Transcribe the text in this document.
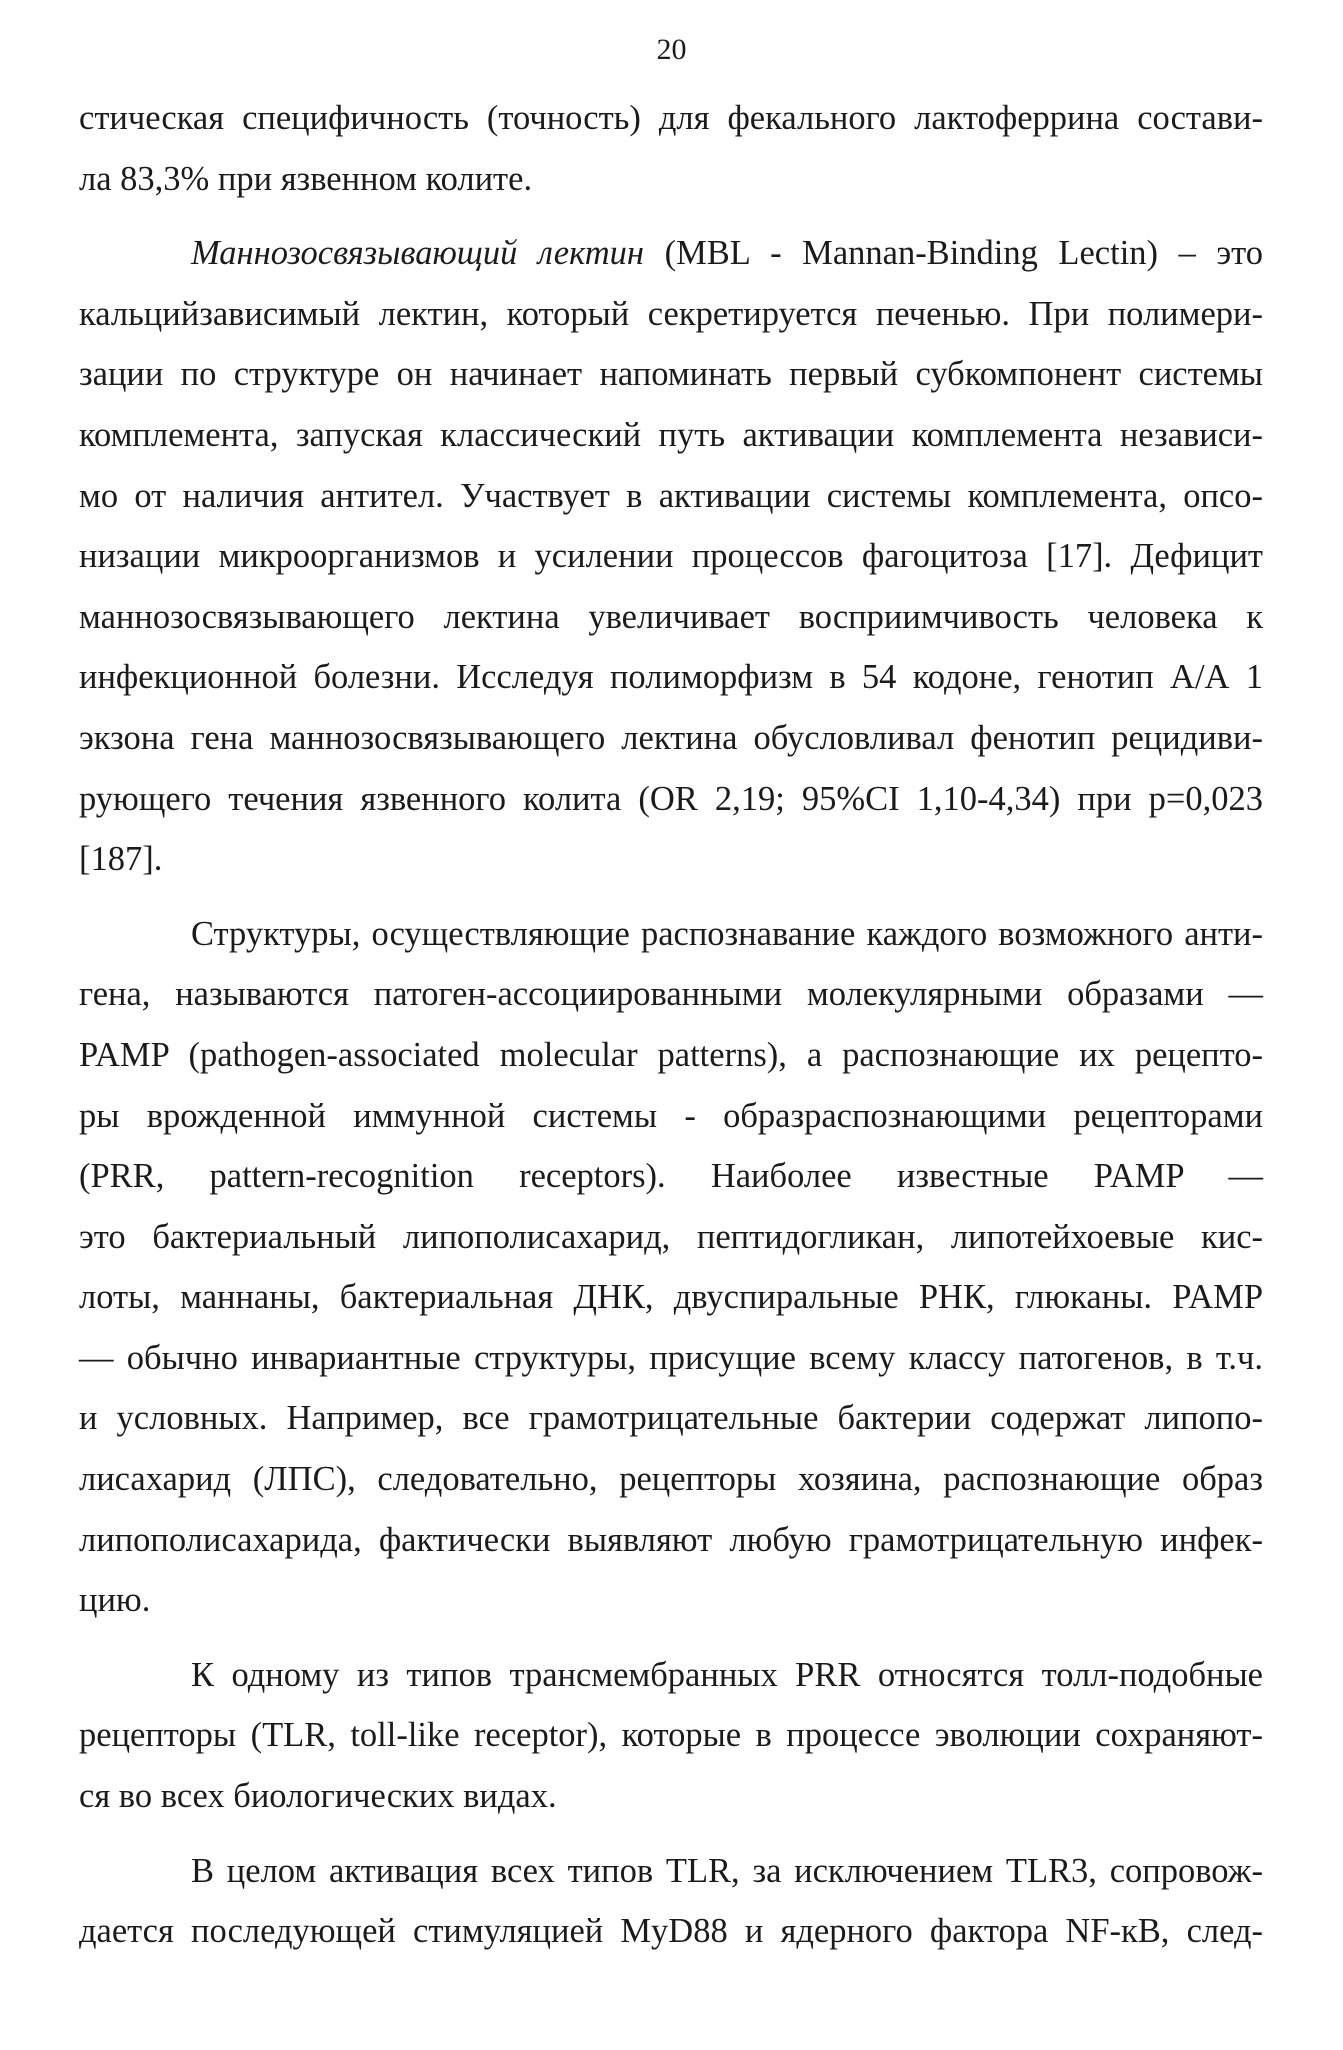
20
стическая специфичность (точность) для фекального лактоферрина состави-
ла 83,3% при язвенном колите.
Маннозосвязывающий лектин (MBL - Mannan-Binding Lectin) – это
кальцийзависимый лектин, который секретируется печенью. При полимери-
зации по структуре он начинает напоминать первый субкомпонент системы
комплемента, запуская классический путь активации комплемента независи-
мо от наличия антител. Участвует в активации системы комплемента, опсо-
низации микроорганизмов и усилении процессов фагоцитоза [17]. Дефицит
маннозосвязывающего лектина увеличивает восприимчивость человека к
инфекционной болезни. Исследуя полиморфизм в 54 кодоне, генотип А/А 1
экзона гена маннозосвязывающего лектина обусловливал фенотип рецидиви-
рующего течения язвенного колита (OR 2,19; 95%CI 1,10-4,34) при p=0,023
[187].
Структуры, осуществляющие распознавание каждого возможного анти-
гена, называются патоген-ассоциированными молекулярными образами —
PAMP (pathogen-associated molecular patterns), а распознающие их рецепто-
ры врожденной иммунной системы - образраспознающими рецепторами
(PRR, pattern-recognition receptors). Наиболее известные PAMP —
это бактериальный липополисахарид, пептидогликан, липотейхоевые кис-
лоты, маннаны, бактериальная ДНК, двуспиральные РНК, глюканы. PAMP
— обычно инвариантные структуры, присущие всему классу патогенов, в т.ч.
и условных. Например, все грамотрицательные бактерии содержат липопо-
лисахарид (ЛПС), следовательно, рецепторы хозяина, распознающие образ
липополисахарида, фактически выявляют любую грамотрицательную инфек-
цию.
К одному из типов трансмембранных PRR относятся толл-подобные
рецепторы (TLR, toll-like receptor), которые в процессе эволюции сохраняют-
ся во всех биологических видах.
В целом активация всех типов TLR, за исключением TLR3, сопровож-
дается последующей стимуляцией MyD88 и ядерного фактора NF-кВ, след-
